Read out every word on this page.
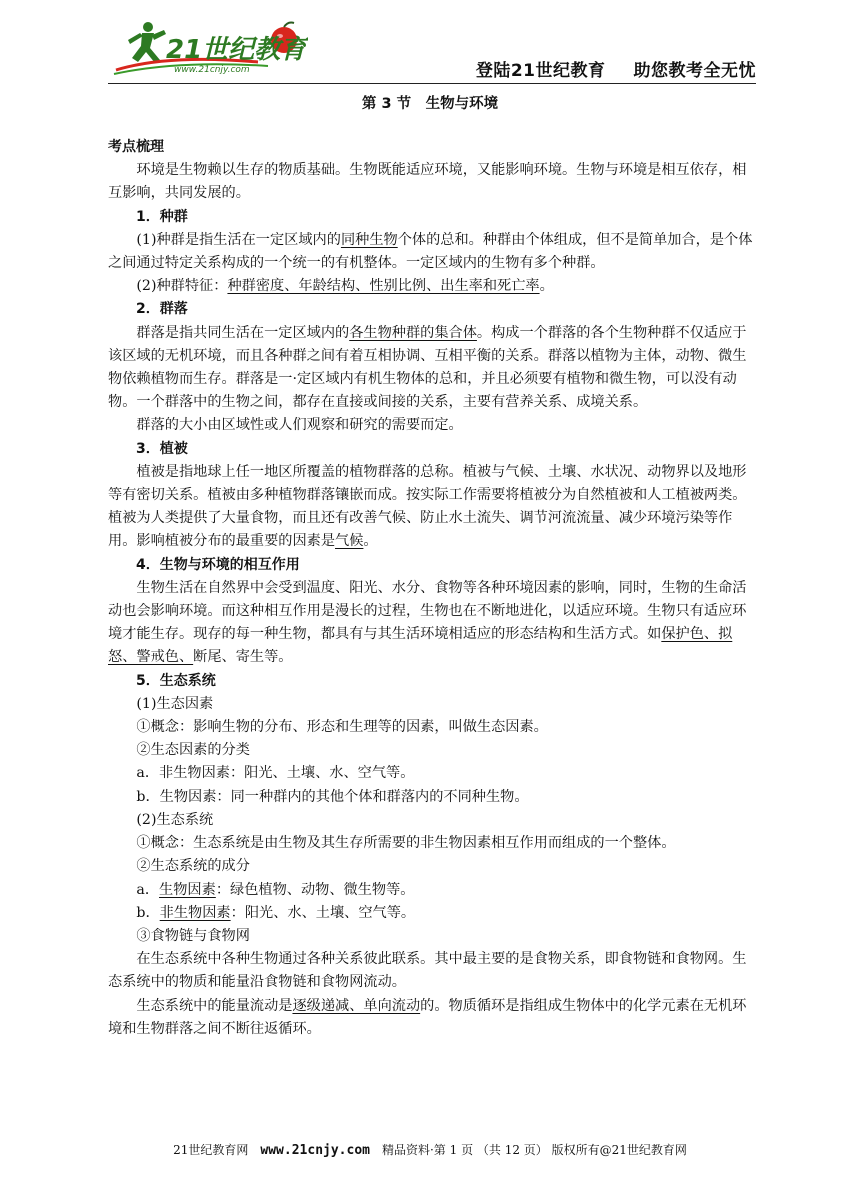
21世纪教育
www.21cnjy.com	登陆21世纪教育 助您教考全无忧
第 3 节　生物与环境

考点梳理

环境是生物赖以生存的物质基础。生物既能适应环境，又能影响环境。生物与环境是相互依存，相互影响，共同发展的。

1．种群

(1)种群是指生活在一定区域内的同种生物个体的总和。种群由个体组成，但不是简单加合，是个体之间通过特定关系构成的一个统一的有机整体。一定区域内的生物有多个种群。

(2)种群特征：种群密度、年龄结构、性别比例、出生率和死亡率。

2．群落

群落是指共同生活在一定区域内的各生物种群的集合体。构成一个群落的各个生物种群不仅适应于该区域的无机环境，而且各种群之间有着互相协调、互相平衡的关系。群落以植物为主体，动物、微生物依赖植物而生存。群落是一·定区域内有机生物体的总和，并且必须要有植物和微生物，可以没有动物。一个群落中的生物之间，都存在直接或间接的关系，主要有营养关系、成境关系。

群落的大小由区域性或人们观察和研究的需要而定。

3．植被

植被是指地球上任一地区所覆盖的植物群落的总称。植被与气候、土壤、水状况、动物界以及地形等有密切关系。植被由多种植物群落镶嵌而成。按实际工作需要将植被分为自然植被和人工植被两类。植被为人类提供了大量食物，而且还有改善气候、防止水土流失、调节河流流量、减少环境污染等作用。影响植被分布的最重要的因素是气候。

4．生物与环境的相互作用

生物生活在自然界中会受到温度、阳光、水分、食物等各种环境因素的影响，同时，生物的生命活动也会影响环境。而这种相互作用是漫长的过程，生物也在不断地进化，以适应环境。生物只有适应环境才能生存。现存的每一种生物，都具有与其生活环境相适应的形态结构和生活方式。如保护色、拟怒、警戒色、断尾、寄生等。

5．生态系统

(1)生态因素

①概念：影响生物的分布、形态和生理等的因素，叫做生态因素。

②生态因素的分类

a．非生物因素：阳光、土壤、水、空气等。

b．生物因素：同一种群内的其他个体和群落内的不同种生物。

(2)生态系统

①概念：生态系统是由生物及其生存所需要的非生物因素相互作用而组成的一个整体。

②生态系统的成分

a．生物因素：绿色植物、动物、微生物等。

b．非生物因素：阳光、水、土壤、空气等。

③食物链与食物网

在生态系统中各种生物通过各种关系彼此联系。其中最主要的是食物关系，即食物链和食物网。生态系统中的物质和能量沿食物链和食物网流动。

生态系统中的能量流动是逐级递减、单向流动的。物质循环是指组成生物体中的化学元素在无机环境和生物群落之间不断往返循环。

21世纪教育网 www.21cnjy.com 精品资料·第 1 页 （共 12 页） 版权所有@21世纪教育网
